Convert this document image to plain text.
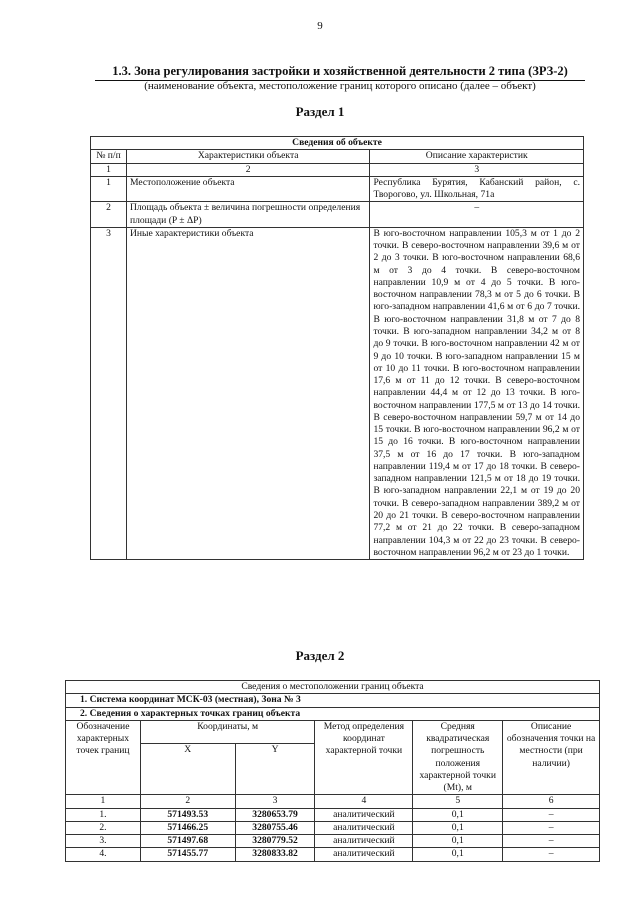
9
1.3. Зона регулирования застройки и хозяйственной деятельности 2 типа (ЗРЗ-2)
(наименование объекта, местоположение границ которого описано (далее – объект)
Раздел 1
Сведения об объекте		
№ п/п	Характеристики объекта	Описание характеристик
1	2	3
1	Местоположение объекта	Республика Бурятия, Кабанский район, с. Творогово, ул. Школьная, 71а
2	Площадь объекта ± величина погрешности определения площади (P ± ΔP)	–
3	Иные характеристики объекта	В юго-восточном направлении 105,3 м от 1 до 2 точки. В северо-восточном направлении 39,6 м от 2 до 3 точки. В юго-восточном направлении 68,6 м от 3 до 4 точки. В северо-восточном направлении 10,9 м от 4 до 5 точки. В юго-восточном направлении 78,3 м от 5 до 6 точки. В юго-западном направлении 41,6 м от 6 до 7 точки. В юго-восточном направлении 31,8 м от 7 до 8 точки. В юго-западном направлении 34,2 м от 8 до 9 точки. В юго-восточном направлении 42 м от 9 до 10 точки. В юго-западном направлении 15 м от 10 до 11 точки. В юго-восточном направлении 17,6 м от 11 до 12 точки. В северо-восточном направлении 44,4 м от 12 до 13 точки. В юго-восточном направлении 177,5 м от 13 до 14 точки. В северо-восточном направлении 59,7 м от 14 до 15 точки. В юго-восточном направлении 96,2 м от 15 до 16 точки. В юго-восточном направлении 37,5 м от 16 до 17 точки. В юго-западном направлении 119,4 м от 17 до 18 точки. В северо-западном направлении 121,5 м от 18 до 19 точки. В юго-западном направлении 22,1 м от 19 до 20 точки. В северо-западном направлении 389,2 м от 20 до 21 точки. В северо-восточном направлении 77,2 м от 21 до 22 точки. В северо-западном направлении 104,3 м от 22 до 23 точки. В северо-восточном направлении 96,2 м от 23 до 1 точки.
Раздел 2
Сведения о местоположении границ объекта					
1. Система координат МСК-03 (местная), Зона № 3					
2. Сведения о характерных точках границ объекта					
Обозначение характерных точек границ	Координаты, м		Метод определения координат характерной точки	Средняя квадратическая погрешность положения характерной точки (Mt), м	Описание обозначения точки на местности (при наличии)
	X	Y			
1	2	3	4	5	6
1.	571493.53	3280653.79	аналитический	0,1	–
2.	571466.25	3280755.46	аналитический	0,1	–
3.	571497.68	3280779.52	аналитический	0,1	–
4.	571455.77	3280833.82	аналитический	0,1	–
